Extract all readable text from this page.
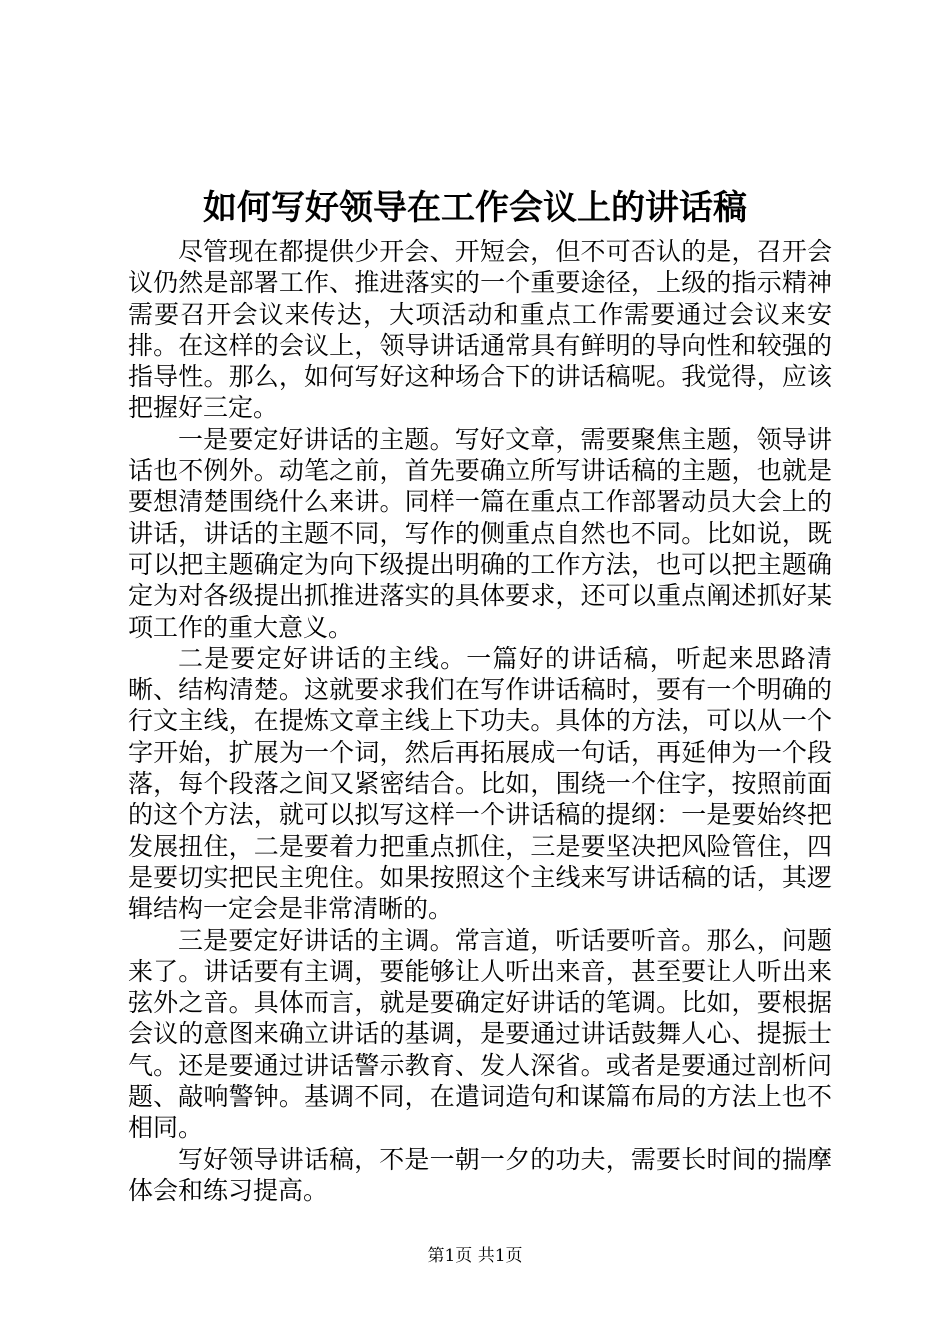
如何写好领导在工作会议上的讲话稿

尽管现在都提供少开会、开短会，但不可否认的是，召开会议仍然是部署工作、推进落实的一个重要途径，上级的指示精神需要召开会议来传达，大项活动和重点工作需要通过会议来安排。在这样的会议上，领导讲话通常具有鲜明的导向性和较强的指导性。那么，如何写好这种场合下的讲话稿呢。我觉得，应该把握好三定。

一是要定好讲话的主题。写好文章，需要聚焦主题，领导讲话也不例外。动笔之前，首先要确立所写讲话稿的主题，也就是要想清楚围绕什么来讲。同样一篇在重点工作部署动员大会上的讲话，讲话的主题不同，写作的侧重点自然也不同。比如说，既可以把主题确定为向下级提出明确的工作方法，也可以把主题确定为对各级提出抓推进落实的具体要求，还可以重点阐述抓好某项工作的重大意义。

二是要定好讲话的主线。一篇好的讲话稿，听起来思路清晰、结构清楚。这就要求我们在写作讲话稿时，要有一个明确的行文主线，在提炼文章主线上下功夫。具体的方法，可以从一个字开始，扩展为一个词，然后再拓展成一句话，再延伸为一个段落，每个段落之间又紧密结合。比如，围绕一个住字，按照前面的这个方法，就可以拟写这样一个讲话稿的提纲：一是要始终把发展扭住，二是要着力把重点抓住，三是要坚决把风险管住，四是要切实把民主兜住。如果按照这个主线来写讲话稿的话，其逻辑结构一定会是非常清晰的。

三是要定好讲话的主调。常言道，听话要听音。那么，问题来了。讲话要有主调，要能够让人听出来音，甚至要让人听出来弦外之音。具体而言，就是要确定好讲话的笔调。比如，要根据会议的意图来确立讲话的基调，是要通过讲话鼓舞人心、提振士气。还是要通过讲话警示教育、发人深省。或者是要通过剖析问题、敲响警钟。基调不同，在遣词造句和谋篇布局的方法上也不相同。

写好领导讲话稿，不是一朝一夕的功夫，需要长时间的揣摩体会和练习提高。

第1页 共1页
